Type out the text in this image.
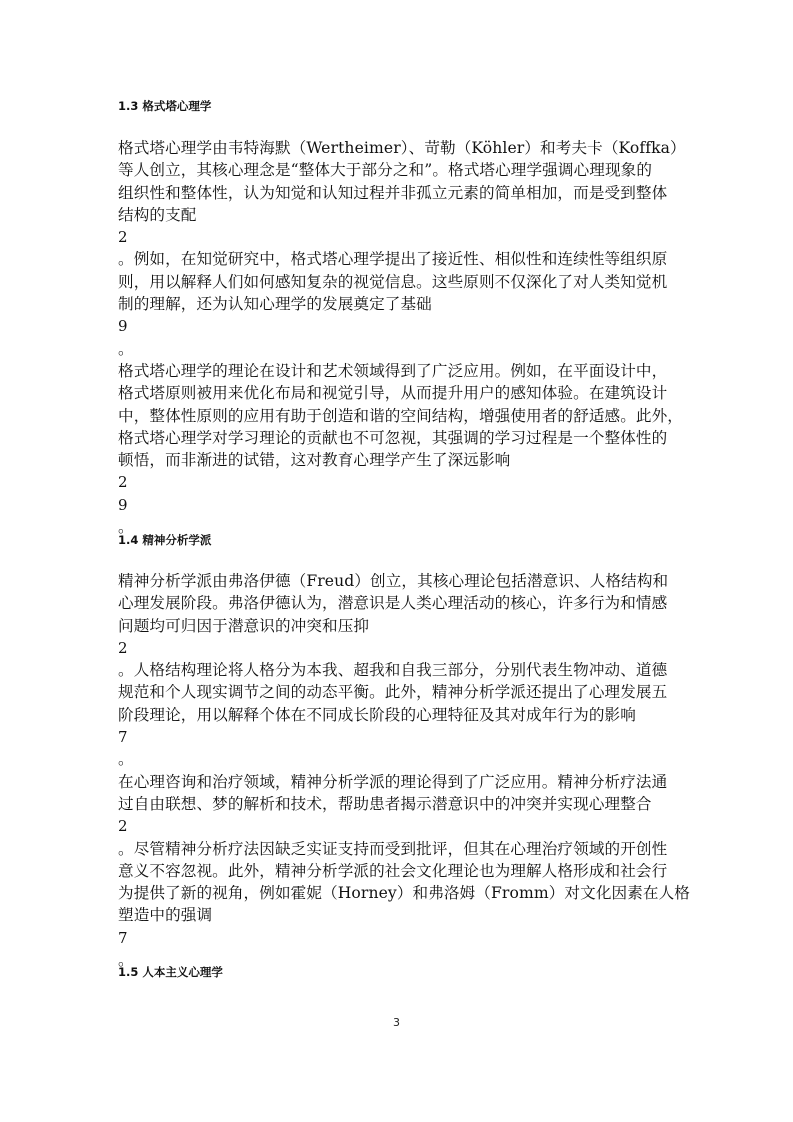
1.3 格式塔心理学
格式塔心理学由韦特海默（Wertheimer）、苛勒（Köhler）和考夫卡（Koffka）
等人创立，其核心理念是“整体大于部分之和”。格式塔心理学强调心理现象的
组织性和整体性，认为知觉和认知过程并非孤立元素的简单相加，而是受到整体
结构的支配
2
。例如，在知觉研究中，格式塔心理学提出了接近性、相似性和连续性等组织原
则，用以解释人们如何感知复杂的视觉信息。这些原则不仅深化了对人类知觉机
制的理解，还为认知心理学的发展奠定了基础
9
。
格式塔心理学的理论在设计和艺术领域得到了广泛应用。例如，在平面设计中，
格式塔原则被用来优化布局和视觉引导，从而提升用户的感知体验。在建筑设计
中，整体性原则的应用有助于创造和谐的空间结构，增强使用者的舒适感。此外，
格式塔心理学对学习理论的贡献也不可忽视，其强调的学习过程是一个整体性的
顿悟，而非渐进的试错，这对教育心理学产生了深远影响
2
9
。
1.4 精神分析学派
精神分析学派由弗洛伊德（Freud）创立，其核心理论包括潜意识、人格结构和
心理发展阶段。弗洛伊德认为，潜意识是人类心理活动的核心，许多行为和情感
问题均可归因于潜意识的冲突和压抑
2
。人格结构理论将人格分为本我、超我和自我三部分，分别代表生物冲动、道德
规范和个人现实调节之间的动态平衡。此外，精神分析学派还提出了心理发展五
阶段理论，用以解释个体在不同成长阶段的心理特征及其对成年行为的影响
7
。
在心理咨询和治疗领域，精神分析学派的理论得到了广泛应用。精神分析疗法通
过自由联想、梦的解析和技术，帮助患者揭示潜意识中的冲突并实现心理整合
2
。尽管精神分析疗法因缺乏实证支持而受到批评，但其在心理治疗领域的开创性
意义不容忽视。此外，精神分析学派的社会文化理论也为理解人格形成和社会行
为提供了新的视角，例如霍妮（Horney）和弗洛姆（Fromm）对文化因素在人格
塑造中的强调
7
。
1.5 人本主义心理学
3
